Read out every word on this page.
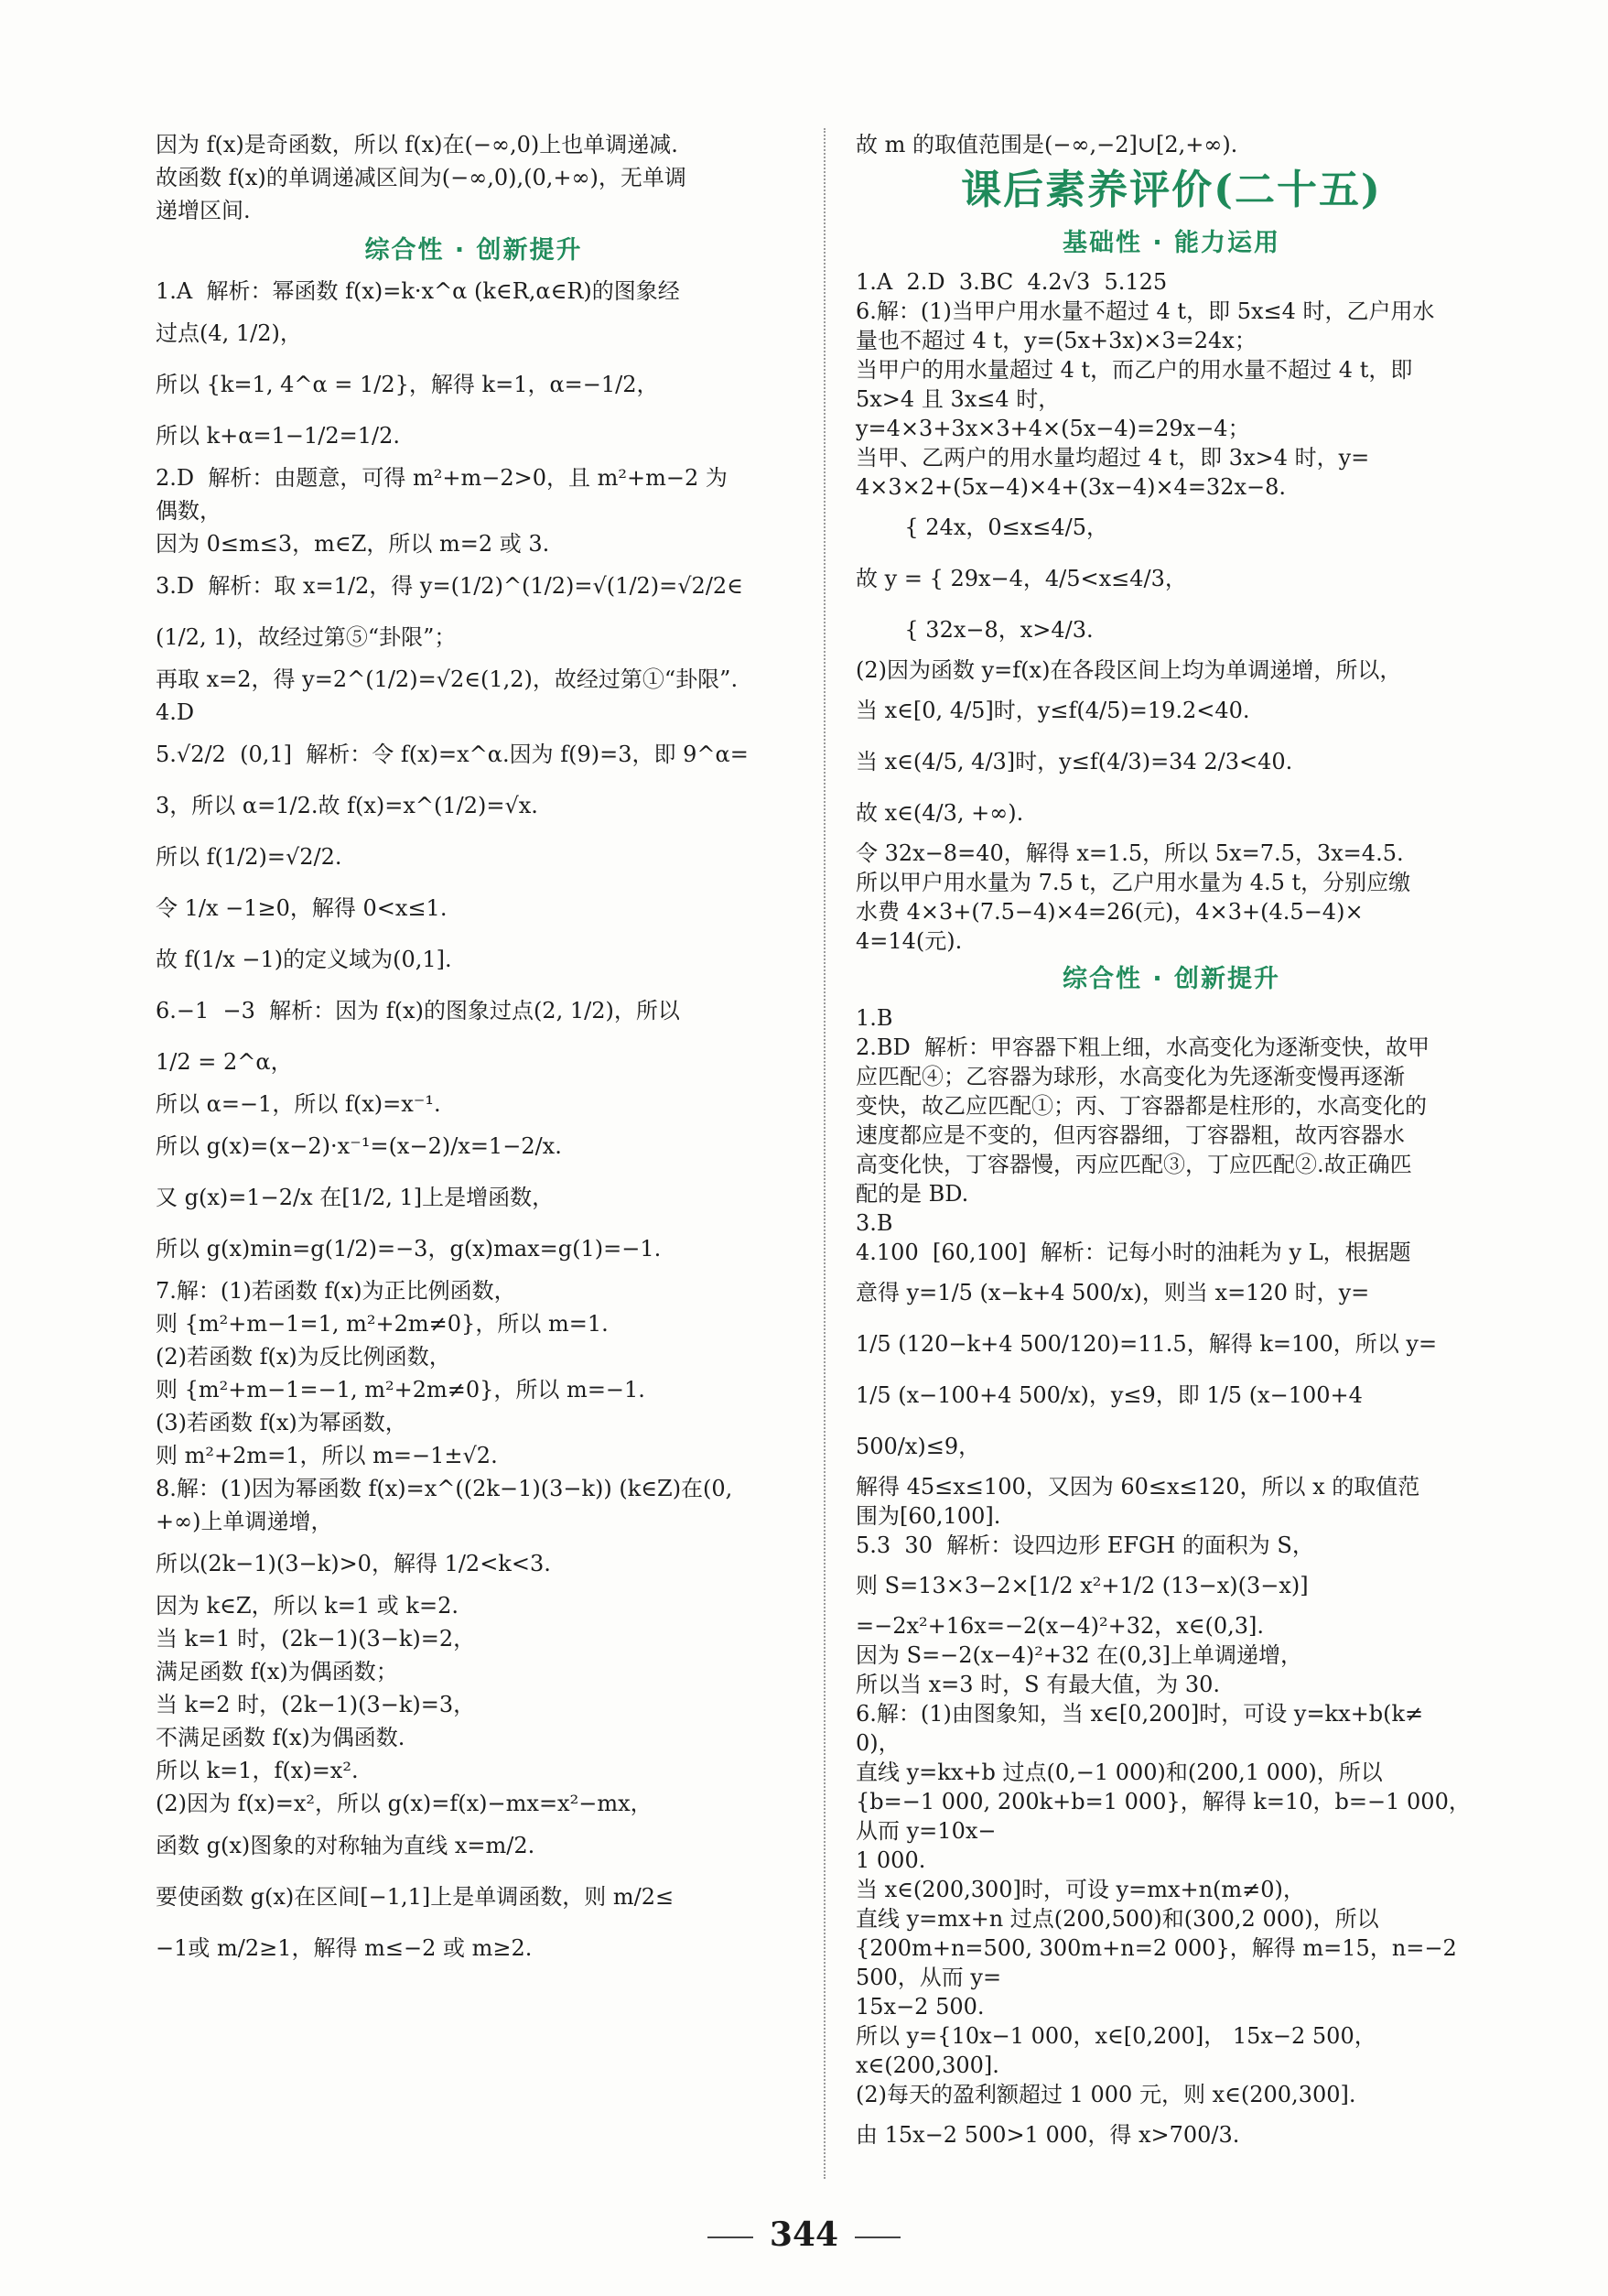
因为 f(x)是奇函数，所以 f(x)在(−∞,0)上也单调递减.

故函数 f(x)的单调递减区间为(−∞,0),(0,+∞)，无单调

递增区间.

综合性 · 创新提升

1.A  解析：幂函数 f(x)=k·x^α (k∈R,α∈R)的图象经

过点(4, 1/2)，

所以 {k=1, 4^α = 1/2}，解得 k=1，α=−1/2，

所以 k+α=1−1/2=1/2.

2.D  解析：由题意，可得 m²+m−2>0，且 m²+m−2 为

偶数，

因为 0≤m≤3，m∈Z，所以 m=2 或 3.

3.D  解析：取 x=1/2，得 y=(1/2)^(1/2)=√(1/2)=√2/2∈

(1/2, 1)，故经过第⑤“卦限”；

再取 x=2，得 y=2^(1/2)=√2∈(1,2)，故经过第①“卦限”.

4.D

5.√2/2  (0,1]  解析：令 f(x)=x^α.因为 f(9)=3，即 9^α=

3，所以 α=1/2.故 f(x)=x^(1/2)=√x.

所以 f(1/2)=√2/2.

令 1/x −1≥0，解得 0<x≤1.

故 f(1/x −1)的定义域为(0,1].

6.−1  −3  解析：因为 f(x)的图象过点(2, 1/2)，所以

1/2 = 2^α，

所以 α=−1，所以 f(x)=x⁻¹.

所以 g(x)=(x−2)·x⁻¹=(x−2)/x=1−2/x.

又 g(x)=1−2/x 在[1/2, 1]上是增函数，

所以 g(x)min=g(1/2)=−3，g(x)max=g(1)=−1.

7.解：(1)若函数 f(x)为正比例函数，

则 {m²+m−1=1, m²+2m≠0}，所以 m=1.

(2)若函数 f(x)为反比例函数，

则 {m²+m−1=−1, m²+2m≠0}，所以 m=−1.

(3)若函数 f(x)为幂函数，

则 m²+2m=1，所以 m=−1±√2.

8.解：(1)因为幂函数 f(x)=x^((2k−1)(3−k)) (k∈Z)在(0,

+∞)上单调递增，

所以(2k−1)(3−k)>0，解得 1/2<k<3.

因为 k∈Z，所以 k=1 或 k=2.

当 k=1 时，(2k−1)(3−k)=2，

满足函数 f(x)为偶函数；

当 k=2 时，(2k−1)(3−k)=3，

不满足函数 f(x)为偶函数.

所以 k=1，f(x)=x².

(2)因为 f(x)=x²，所以 g(x)=f(x)−mx=x²−mx，

函数 g(x)图象的对称轴为直线 x=m/2.

要使函数 g(x)在区间[−1,1]上是单调函数，则 m/2≤

−1或 m/2≥1，解得 m≤−2 或 m≥2.

故 m 的取值范围是(−∞,−2]∪[2,+∞).

课后素养评价(二十五)
基础性 · 能力运用

1.A  2.D  3.BC  4.2√3  5.125

6.解：(1)当甲户用水量不超过 4 t，即 5x≤4 时，乙户用水

量也不超过 4 t，y=(5x+3x)×3=24x；

当甲户的用水量超过 4 t，而乙户的用水量不超过 4 t，即

5x>4 且 3x≤4 时，

y=4×3+3x×3+4×(5x−4)=29x−4；

当甲、乙两户的用水量均超过 4 t，即 3x>4 时，y=

4×3×2+(5x−4)×4+(3x−4)×4=32x−8.

{ 24x，0≤x≤4/5，

故 y = { 29x−4，4/5<x≤4/3，

{ 32x−8，x>4/3.

(2)因为函数 y=f(x)在各段区间上均为单调递增，所以，

当 x∈[0, 4/5]时，y≤f(4/5)=19.2<40.

当 x∈(4/5, 4/3]时，y≤f(4/3)=34 2/3<40.

故 x∈(4/3, +∞).

令 32x−8=40，解得 x=1.5，所以 5x=7.5，3x=4.5.

所以甲户用水量为 7.5 t，乙户用水量为 4.5 t，分别应缴

水费 4×3+(7.5−4)×4=26(元)，4×3+(4.5−4)×

4=14(元).

综合性 · 创新提升

1.B

2.BD  解析：甲容器下粗上细，水高变化为逐渐变快，故甲

应匹配④；乙容器为球形，水高变化为先逐渐变慢再逐渐

变快，故乙应匹配①；丙、丁容器都是柱形的，水高变化的

速度都应是不变的，但丙容器细，丁容器粗，故丙容器水

高变化快，丁容器慢，丙应匹配③，丁应匹配②.故正确匹

配的是 BD.

3.B

4.100  [60,100]  解析：记每小时的油耗为 y L，根据题

意得 y=1/5 (x−k+4 500/x)，则当 x=120 时，y=

1/5 (120−k+4 500/120)=11.5，解得 k=100，所以 y=

1/5 (x−100+4 500/x)，y≤9，即 1/5 (x−100+4 500/x)≤9，

解得 45≤x≤100，又因为 60≤x≤120，所以 x 的取值范

围为[60,100].

5.3  30  解析：设四边形 EFGH 的面积为 S，

则 S=13×3−2×[1/2 x²+1/2 (13−x)(3−x)]

=−2x²+16x=−2(x−4)²+32，x∈(0,3].

因为 S=−2(x−4)²+32 在(0,3]上单调递增，

所以当 x=3 时，S 有最大值，为 30.

6.解：(1)由图象知，当 x∈[0,200]时，可设 y=kx+b(k≠

0)，

直线 y=kx+b 过点(0,−1 000)和(200,1 000)，所以

{b=−1 000, 200k+b=1 000}，解得 k=10，b=−1 000，从而 y=10x−

1 000.

当 x∈(200,300]时，可设 y=mx+n(m≠0)，

直线 y=mx+n 过点(200,500)和(300,2 000)，所以

{200m+n=500, 300m+n=2 000}，解得 m=15，n=−2 500，从而 y=

15x−2 500.

所以 y={10x−1 000，x∈[0,200]， 15x−2 500，x∈(200,300].

(2)每天的盈利额超过 1 000 元，则 x∈(200,300].

由 15x−2 500>1 000，得 x>700/3.

344
